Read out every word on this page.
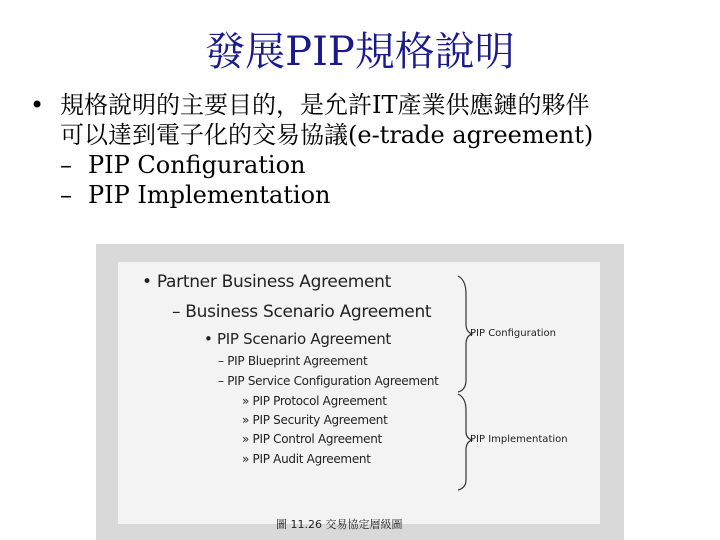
發展PIP規格說明
• 規格說明的主要目的，是允許IT產業供應鏈的夥伴
可以達到電子化的交易協議(e-trade agreement)
– PIP Configuration
– PIP Implementation
• Partner Business Agreement
– Business Scenario Agreement
• PIP Scenario Agreement
– PIP Blueprint Agreement
– PIP Service Configuration Agreement
» PIP Protocol Agreement
» PIP Security Agreement
» PIP Control Agreement
» PIP Audit Agreement
PIP Configuration
PIP Implementation
圖 11.26 交易協定層級圖
